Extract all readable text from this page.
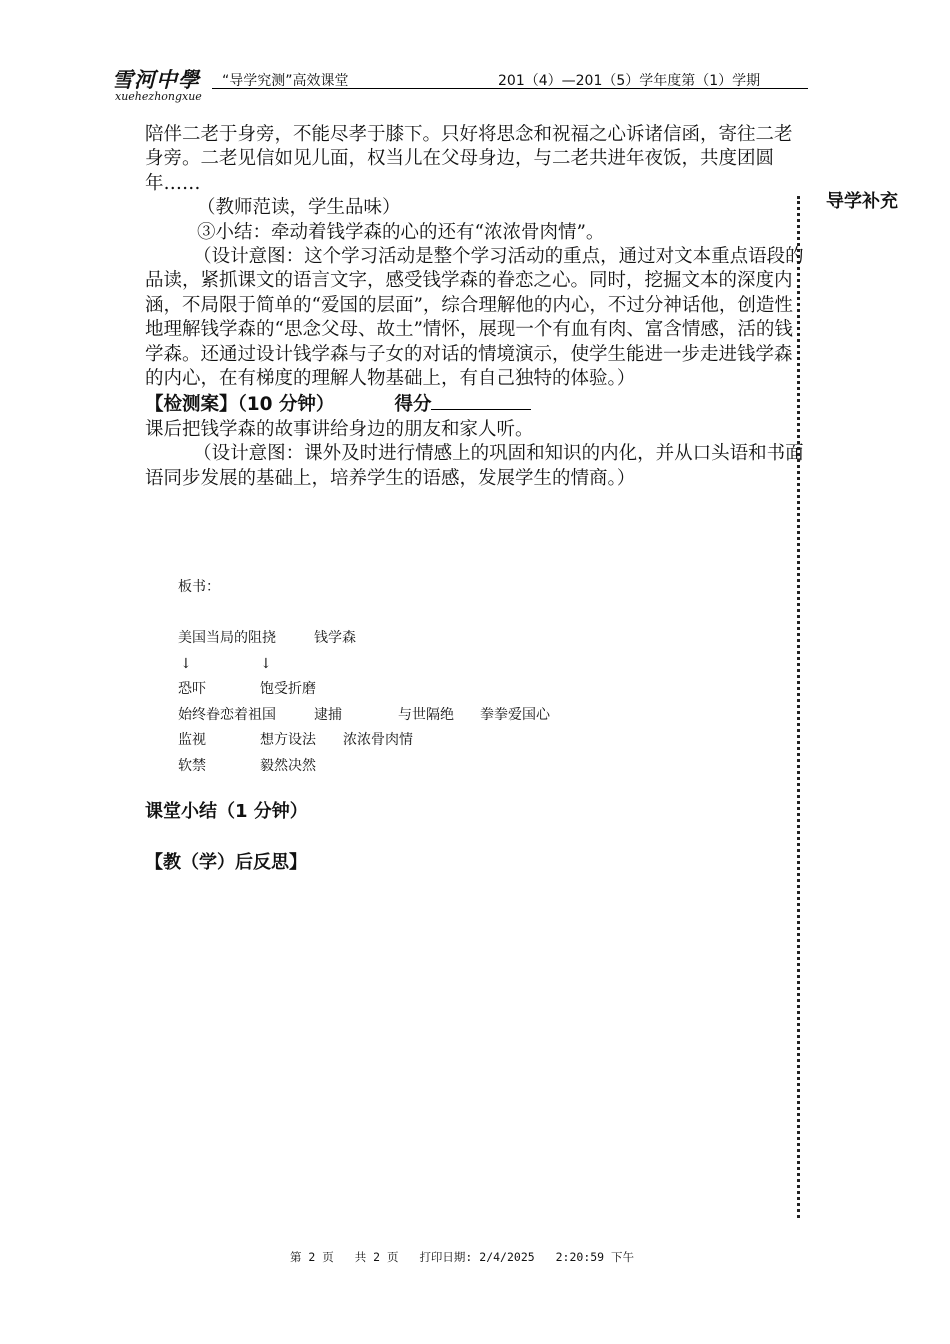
雪河中學
xuehezhongxue
“导学究测”高效课堂	201（4）—201（5）学年度第（1）学期
导学补充

陪伴二老于身旁，不能尽孝于膝下。只好将思念和祝福之心诉诸信函，寄往二老身旁。二老见信如见儿面，权当儿在父母身边，与二老共进年夜饭，共度团圆年……

（教师范读，学生品味）

③小结：牵动着钱学森的心的还有“浓浓骨肉情”。

（设计意图：这个学习活动是整个学习活动的重点，通过对文本重点语段的品读，紧抓课文的语言文字，感受钱学森的眷恋之心。同时，挖掘文本的深度内涵，不局限于简单的“爱国的层面”，综合理解他的内心，不过分神话他，创造性地理解钱学森的“思念父母、故土”情怀，展现一个有血有肉、富含情感，活的钱学森。还通过设计钱学森与子女的对话的情境演示，使学生能进一步走进钱学森的内心，在有梯度的理解人物基础上，有自己独特的体验。）

【检测案】（10 分钟）	得分

课后把钱学森的故事讲给身边的朋友和家人听。

（设计意图：课外及时进行情感上的巩固和知识的内化，并从口头语和书面语同步发展的基础上，培养学生的语感，发展学生的情商。）

板书：
美国当局的阻挠	钱学森
↓	↓
恐吓	饱受折磨
始终眷恋着祖国	逮捕	与世隔绝 拳拳爱国心
监视	想方设法 浓浓骨肉情
软禁	毅然决然
课堂小结（1 分钟）
【教（学）后反思】
第 2 页 共 2 页 打印日期: 2/4/2025 2:20:59 下午
